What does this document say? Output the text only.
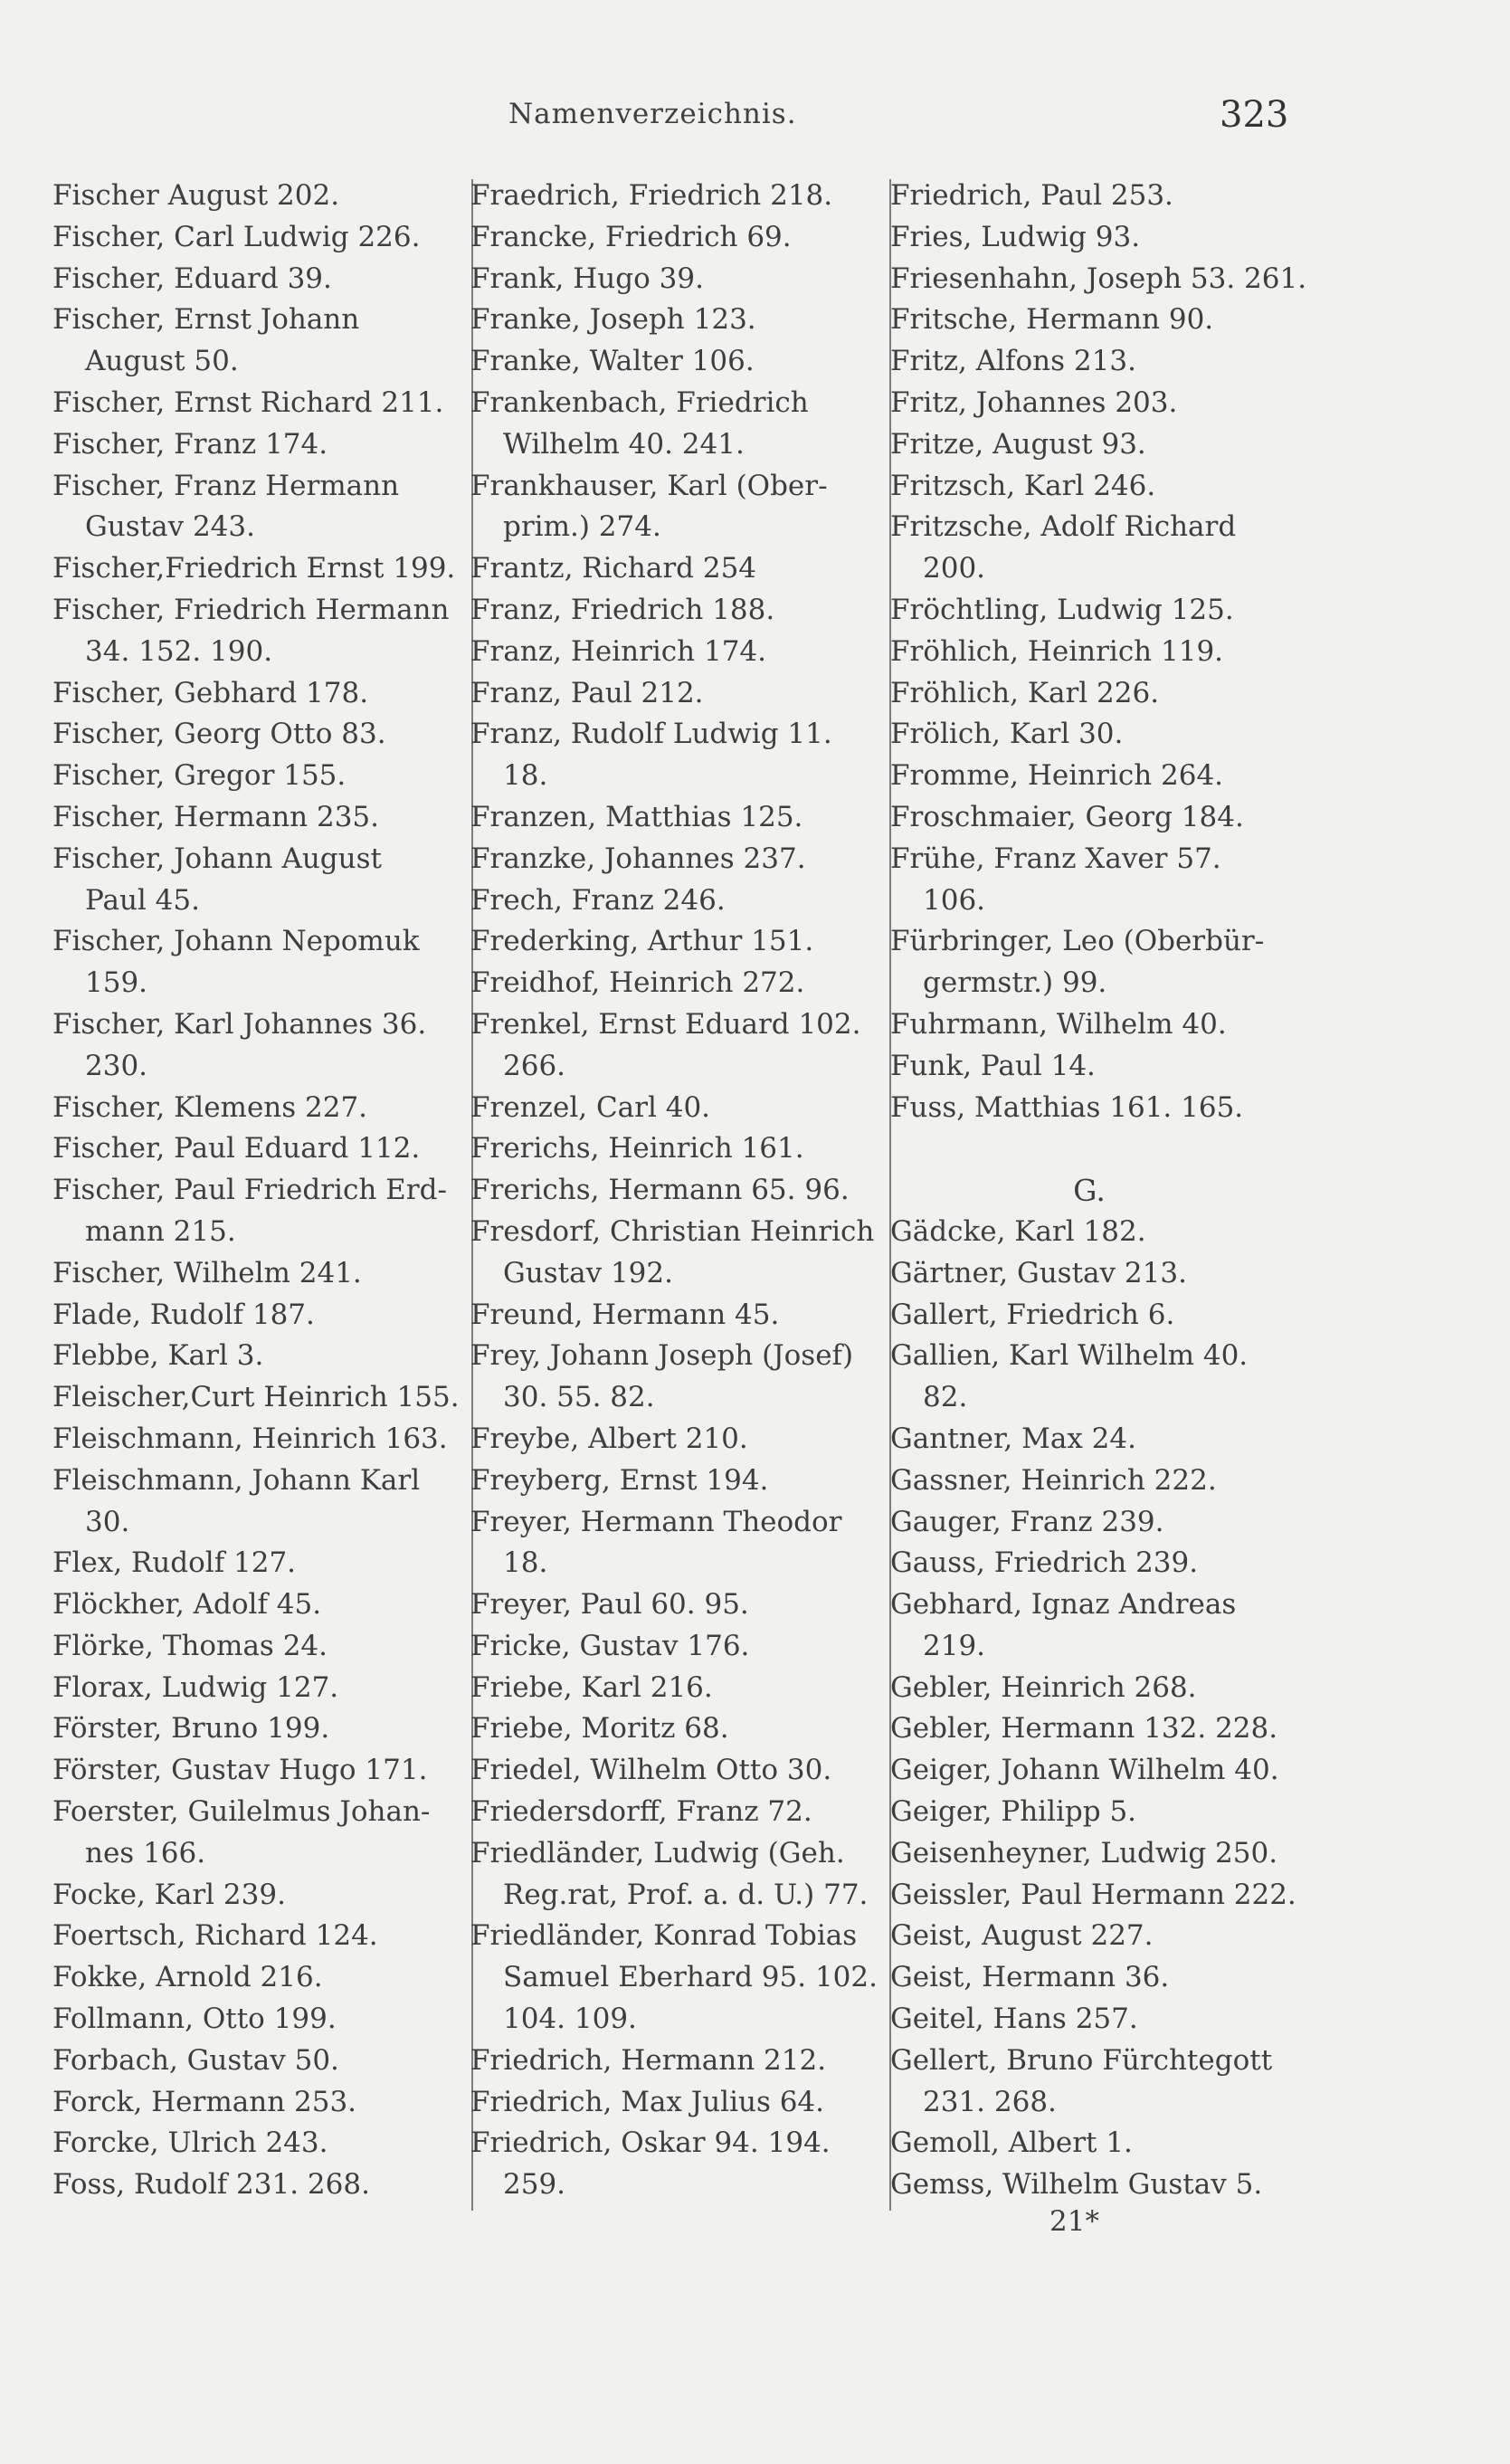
Namenverzeichnis.	323
Fischer August 202.
Fischer, Carl Ludwig 226.
Fischer, Eduard 39.
Fischer, Ernst Johann
August 50.
Fischer, Ernst Richard 211.
Fischer, Franz 174.
Fischer, Franz Hermann
Gustav 243.
Fischer,Friedrich Ernst 199.
Fischer, Friedrich Hermann
34. 152. 190.
Fischer, Gebhard 178.
Fischer, Georg Otto 83.
Fischer, Gregor 155.
Fischer, Hermann 235.
Fischer, Johann August
Paul 45.
Fischer, Johann Nepomuk
159.
Fischer, Karl Johannes 36.
230.
Fischer, Klemens 227.
Fischer, Paul Eduard 112.
Fischer, Paul Friedrich Erd-
mann 215.
Fischer, Wilhelm 241.
Flade, Rudolf 187.
Flebbe, Karl 3.
Fleischer,Curt Heinrich 155.
Fleischmann, Heinrich 163.
Fleischmann, Johann Karl
30.
Flex, Rudolf 127.
Flöckher, Adolf 45.
Flörke, Thomas 24.
Florax, Ludwig 127.
Förster, Bruno 199.
Förster, Gustav Hugo 171.
Foerster, Guilelmus Johan-
nes 166.
Focke, Karl 239.
Foertsch, Richard 124.
Fokke, Arnold 216.
Follmann, Otto 199.
Forbach, Gustav 50.
Forck, Hermann 253.
Forcke, Ulrich 243.
Foss, Rudolf 231. 268.
Fraedrich, Friedrich 218.
Francke, Friedrich 69.
Frank, Hugo 39.
Franke, Joseph 123.
Franke, Walter 106.
Frankenbach, Friedrich
Wilhelm 40. 241.
Frankhauser, Karl (Ober-
prim.) 274.
Frantz, Richard 254
Franz, Friedrich 188.
Franz, Heinrich 174.
Franz, Paul 212.
Franz, Rudolf Ludwig 11.
18.
Franzen, Matthias 125.
Franzke, Johannes 237.
Frech, Franz 246.
Frederking, Arthur 151.
Freidhof, Heinrich 272.
Frenkel, Ernst Eduard 102.
266.
Frenzel, Carl 40.
Frerichs, Heinrich 161.
Frerichs, Hermann 65. 96.
Fresdorf, Christian Heinrich
Gustav 192.
Freund, Hermann 45.
Frey, Johann Joseph (Josef)
30. 55. 82.
Freybe, Albert 210.
Freyberg, Ernst 194.
Freyer, Hermann Theodor
18.
Freyer, Paul 60. 95.
Fricke, Gustav 176.
Friebe, Karl 216.
Friebe, Moritz 68.
Friedel, Wilhelm Otto 30.
Friedersdorff, Franz 72.
Friedländer, Ludwig (Geh.
Reg.rat, Prof. a. d. U.) 77.
Friedländer, Konrad Tobias
Samuel Eberhard 95. 102.
104. 109.
Friedrich, Hermann 212.
Friedrich, Max Julius 64.
Friedrich, Oskar 94. 194.
259.
Friedrich, Paul 253.
Fries, Ludwig 93.
Friesenhahn, Joseph 53. 261.
Fritsche, Hermann 90.
Fritz, Alfons 213.
Fritz, Johannes 203.
Fritze, August 93.
Fritzsch, Karl 246.
Fritzsche, Adolf Richard
200.
Fröchtling, Ludwig 125.
Fröhlich, Heinrich 119.
Fröhlich, Karl 226.
Frölich, Karl 30.
Fromme, Heinrich 264.
Froschmaier, Georg 184.
Frühe, Franz Xaver 57.
106.
Fürbringer, Leo (Oberbür-
germstr.) 99.
Fuhrmann, Wilhelm 40.
Funk, Paul 14.
Fuss, Matthias 161. 165.
G.
Gädcke, Karl 182.
Gärtner, Gustav 213.
Gallert, Friedrich 6.
Gallien, Karl Wilhelm 40.
82.
Gantner, Max 24.
Gassner, Heinrich 222.
Gauger, Franz 239.
Gauss, Friedrich 239.
Gebhard, Ignaz Andreas
219.
Gebler, Heinrich 268.
Gebler, Hermann 132. 228.
Geiger, Johann Wilhelm 40.
Geiger, Philipp 5.
Geisenheyner, Ludwig 250.
Geissler, Paul Hermann 222.
Geist, August 227.
Geist, Hermann 36.
Geitel, Hans 257.
Gellert, Bruno Fürchtegott
231. 268.
Gemoll, Albert 1.
Gemss, Wilhelm Gustav 5.
21*
